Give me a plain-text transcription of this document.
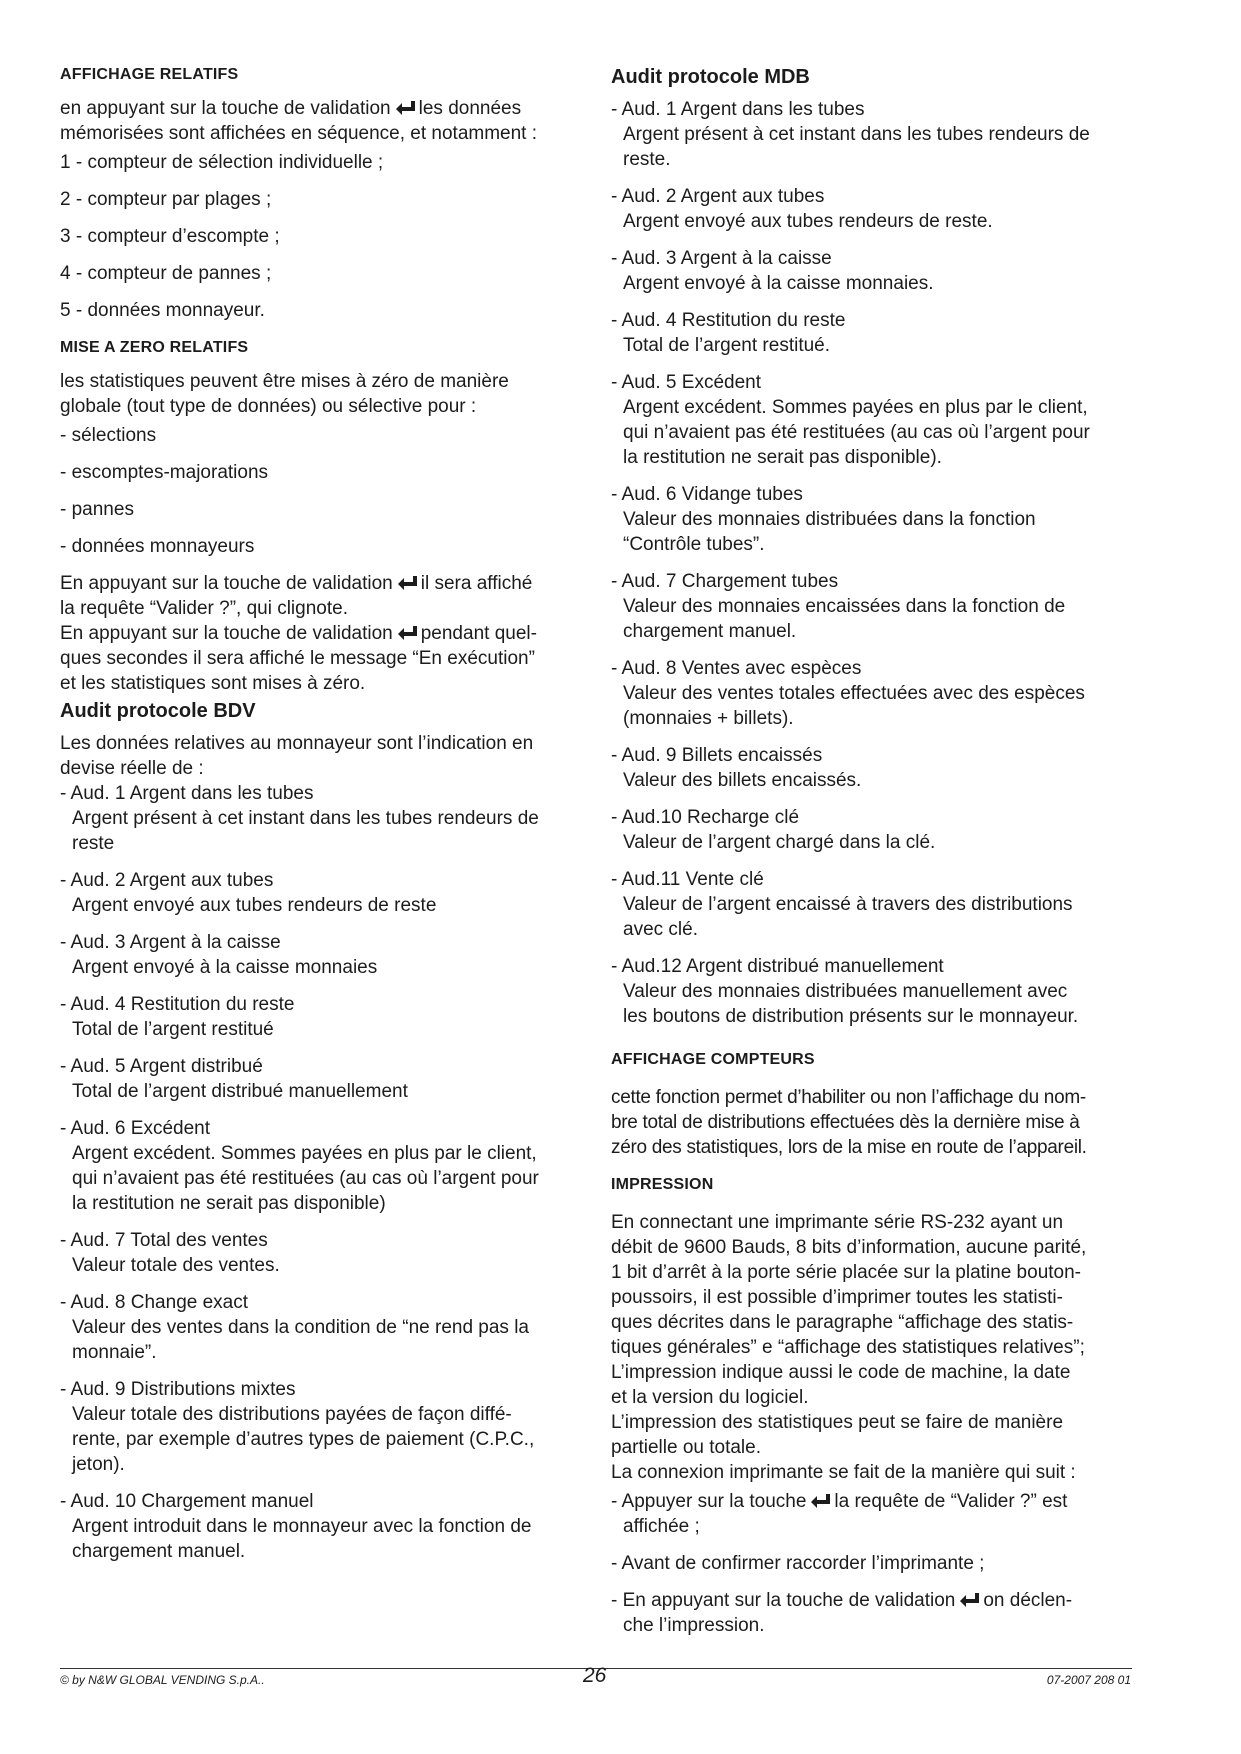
AFFICHAGE RELATIFS
en appuyant sur la touche de validation les données
mémorisées sont affichées en séquence, et notamment :
1 - compteur de sélection individuelle ;
2 - compteur par plages ;
3 - compteur d’escompte ;
4 - compteur de pannes ;
5 - données monnayeur.
MISE A ZERO RELATIFS
les statistiques peuvent être mises à zéro de manière
globale (tout type de données) ou sélective pour :
- sélections
- escomptes-majorations
- pannes
- données monnayeurs
En appuyant sur la touche de validation il sera affiché
la requête “Valider ?”, qui clignote.
En appuyant sur la touche de validation pendant quel-
ques secondes il sera affiché le message “En exécution”
et les statistiques sont mises à zéro.
Audit protocole BDV
Les données relatives au monnayeur sont l’indication en
devise réelle de :
- Aud. 1 Argent dans les tubes
Argent présent à cet instant dans les tubes rendeurs de
reste
- Aud. 2 Argent aux tubes
Argent envoyé aux tubes rendeurs de reste
- Aud. 3 Argent à la caisse
Argent envoyé à la caisse monnaies
- Aud. 4 Restitution du reste
Total de l’argent restitué
- Aud. 5 Argent distribué
Total de l’argent distribué manuellement
- Aud. 6 Excédent
Argent excédent. Sommes payées en plus par le client,
qui n’avaient pas été restituées (au cas où l’argent pour
la restitution ne serait pas disponible)
- Aud. 7 Total des ventes
Valeur totale des ventes.
- Aud. 8 Change exact
Valeur des ventes dans la condition de “ne rend pas la
monnaie”.
- Aud. 9 Distributions mixtes
Valeur totale des distributions payées de façon diffé-
rente, par exemple d’autres types de paiement (C.P.C.,
jeton).
- Aud. 10 Chargement manuel
Argent introduit dans le monnayeur avec la fonction de
chargement manuel.
Audit protocole MDB
- Aud. 1 Argent dans les tubes
Argent présent à cet instant dans les tubes rendeurs de
reste.
- Aud. 2 Argent aux tubes
Argent envoyé aux tubes rendeurs de reste.
- Aud. 3 Argent à la caisse
Argent envoyé à la caisse monnaies.
- Aud. 4 Restitution du reste
Total de l’argent restitué.
- Aud. 5 Excédent
Argent excédent. Sommes payées en plus par le client,
qui n’avaient pas été restituées (au cas où l’argent pour
la restitution ne serait pas disponible).
- Aud. 6 Vidange tubes
Valeur des monnaies distribuées dans la fonction
“Contrôle tubes”.
- Aud. 7 Chargement tubes
Valeur des monnaies encaissées dans la fonction de
chargement manuel.
- Aud. 8 Ventes avec espèces
Valeur des ventes totales effectuées avec des espèces
(monnaies + billets).
- Aud. 9 Billets encaissés
Valeur des billets encaissés.
- Aud.10 Recharge clé
Valeur de l’argent chargé dans la clé.
- Aud.11 Vente clé
Valeur de l’argent encaissé à travers des distributions
avec clé.
- Aud.12 Argent distribué manuellement
Valeur des monnaies distribuées manuellement avec
les boutons de distribution présents sur le monnayeur.
AFFICHAGE COMPTEURS
cette fonction permet d’habiliter ou non l’affichage du nom-
bre total de distributions effectuées dès la dernière mise à
zéro des statistiques, lors de la mise en route de l’appareil.
IMPRESSION
En connectant une imprimante série RS-232 ayant un
débit de 9600 Bauds, 8 bits d’information, aucune parité,
1 bit d’arrêt à la porte série placée sur la platine bouton-
poussoirs, il est possible d’imprimer toutes les statisti-
ques décrites dans le paragraphe “affichage des statis-
tiques générales” e “affichage des statistiques relatives”;
L’impression indique aussi le code de machine, la date
et la version du logiciel.
L’impression des statistiques peut se faire de manière
partielle ou totale.
La connexion imprimante se fait de la manière qui suit :
- Appuyer sur la touche la requête de “Valider ?” est
affichée ;
- Avant de confirmer raccorder l’imprimante ;
- En appuyant sur la touche de validation on déclen-
che l’impression.
© by N&W GLOBAL VENDING S.p.A..	26	07-2007 208 01
